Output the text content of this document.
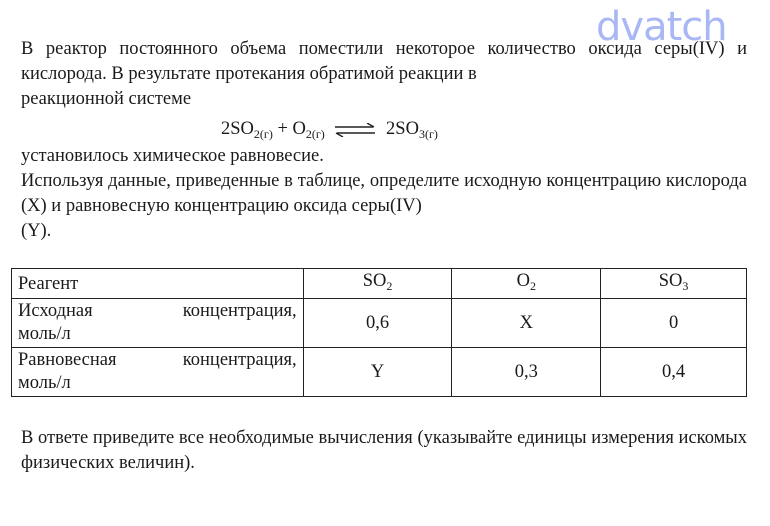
dvatch
В реактор постоянного объема поместили некоторое количество оксида серы(IV) и кислорода. В результате протекания обратимой реакции в
реакционной системе
$2SO_{2(г)} + O_{2(г)}$ ⇌ $2SO_{3(г)}$
установилось химическое равновесие.
Используя данные, приведенные в таблице, определите исходную концентрацию кислорода (X) и равновесную концентрацию оксида серы(IV)
(Y).
Реагент	$SO_2$	$O_2$	$SO_3$

Исходная концентрация,
моль/л	0,6	X	0

Равновесная концентрация,
моль/л	Y	0,3	0,4
В ответе приведите все необходимые вычисления (указывайте единицы измерения искомых физических величин).
